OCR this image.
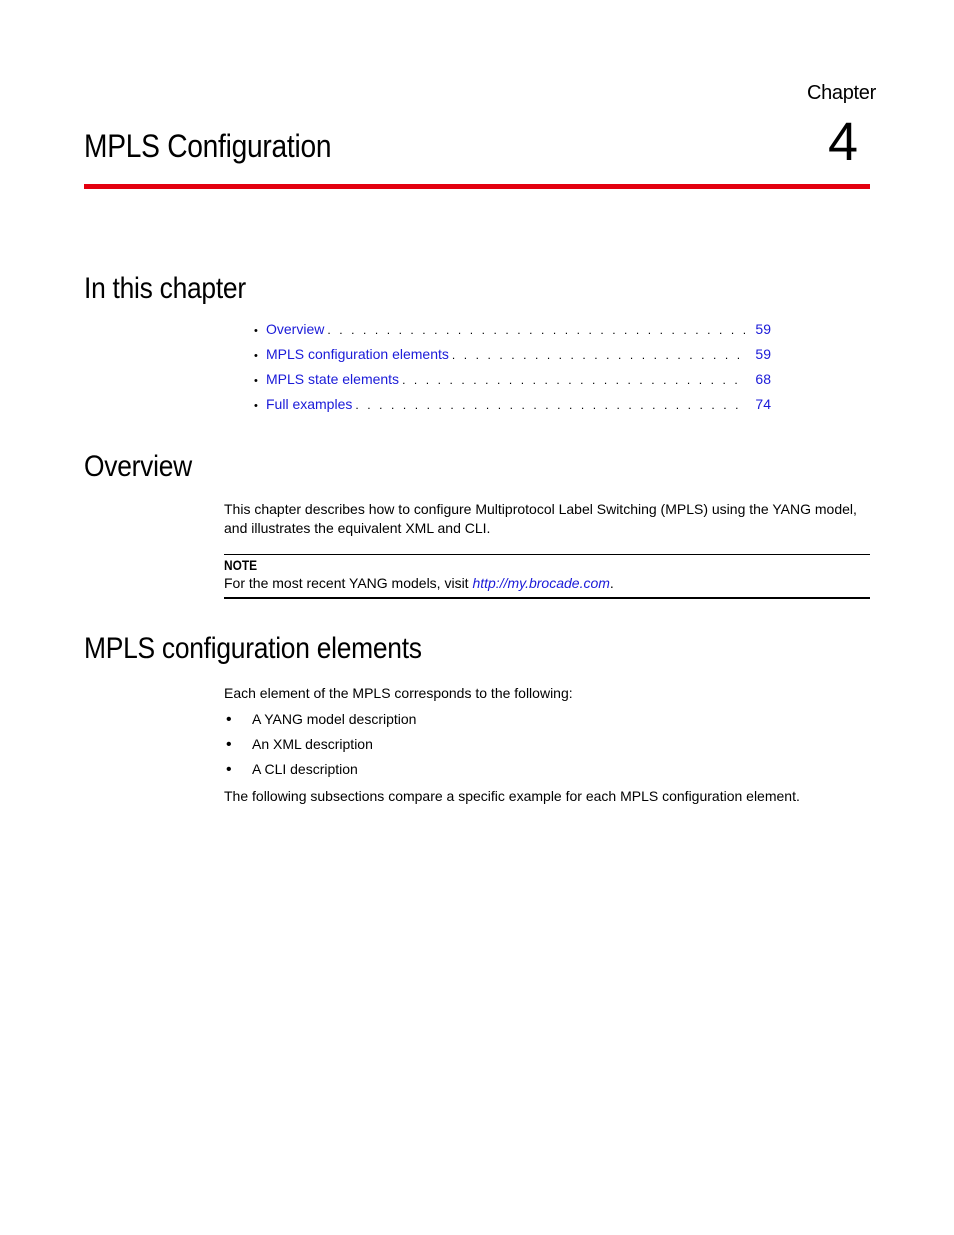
Chapter
4
MPLS Configuration
In this chapter
• Overview . . .	59
• MPLS configuration elements . . .	59
• MPLS state elements . . .	68
• Full examples . . .	74
Overview

This chapter describes how to configure Multiprotocol Label Switching (MPLS) using the YANG model, and illustrates the equivalent XML and CLI.

NOTE
For the most recent YANG models, visit http://my.brocade.com.
MPLS configuration elements

Each element of the MPLS corresponds to the following:

•	A YANG model description
•	An XML description
•	A CLI description

The following subsections compare a specific example for each MPLS configuration element.
